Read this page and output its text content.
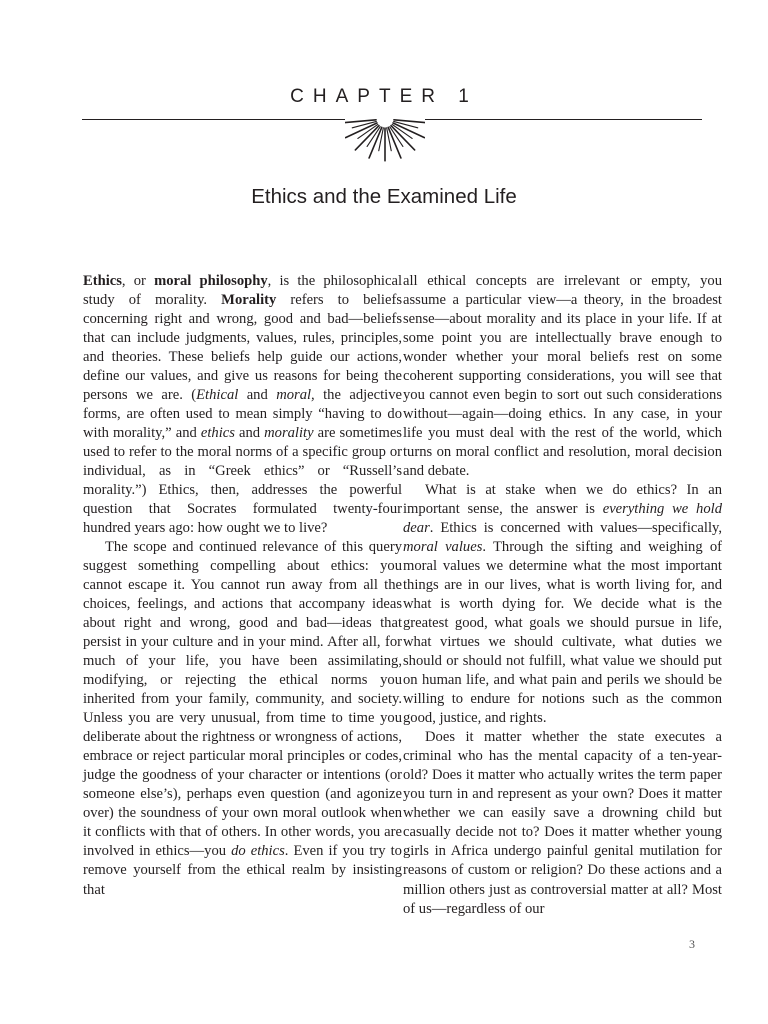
CHAPTER 1
Ethics and the Examined Life

Ethics, or moral philosophy, is the philosophical study of morality. Morality refers to beliefs concerning right and wrong, good and bad—beliefs that can include judgments, values, rules, principles, and theories. These beliefs help guide our actions, define our values, and give us reasons for being the persons we are. (Ethical and moral, the adjective forms, are often used to mean simply “having to do with morality,” and ethics and morality are sometimes used to refer to the moral norms of a specific group or individual, as in “Greek ethics” or “Russell’s morality.”) Ethics, then, addresses the powerful question that Socrates formulated twenty-four hundred years ago: how ought we to live?

The scope and continued relevance of this query suggest something compelling about ethics: you cannot escape it. You cannot run away from all the choices, feelings, and actions that accompany ideas about right and wrong, good and bad—ideas that persist in your culture and in your mind. After all, for much of your life, you have been assimilating, modifying, or rejecting the ethical norms you inherited from your family, community, and society. Unless you are very unusual, from time to time you deliberate about the rightness or wrongness of actions, embrace or reject particular moral principles or codes, judge the goodness of your character or intentions (or someone else’s), perhaps even question (and agonize over) the soundness of your own moral outlook when it conflicts with that of others. In other words, you are involved in ethics—you do ethics. Even if you try to remove yourself from the ethical realm by insisting that

all ethical concepts are irrelevant or empty, you assume a particular view—a theory, in the broadest sense—about morality and its place in your life. If at some point you are intellectually brave enough to wonder whether your moral beliefs rest on some coherent supporting considerations, you will see that you cannot even begin to sort out such considerations without—again—doing ethics. In any case, in your life you must deal with the rest of the world, which turns on moral conflict and resolution, moral decision and debate.

What is at stake when we do ethics? In an important sense, the answer is everything we hold dear. Ethics is concerned with values—specifically, moral values. Through the sifting and weighing of moral values we determine what the most important things are in our lives, what is worth living for, and what is worth dying for. We decide what is the greatest good, what goals we should pursue in life, what virtues we should cultivate, what duties we should or should not fulfill, what value we should put on human life, and what pain and perils we should be willing to endure for notions such as the common good, justice, and rights.

Does it matter whether the state executes a criminal who has the mental capacity of a ten-year-old? Does it matter who actually writes the term paper you turn in and represent as your own? Does it matter whether we can easily save a drowning child but casually decide not to? Does it matter whether young girls in Africa undergo painful genital mutilation for reasons of custom or religion? Do these actions and a million others just as controversial matter at all? Most of us—regardless of our

3
